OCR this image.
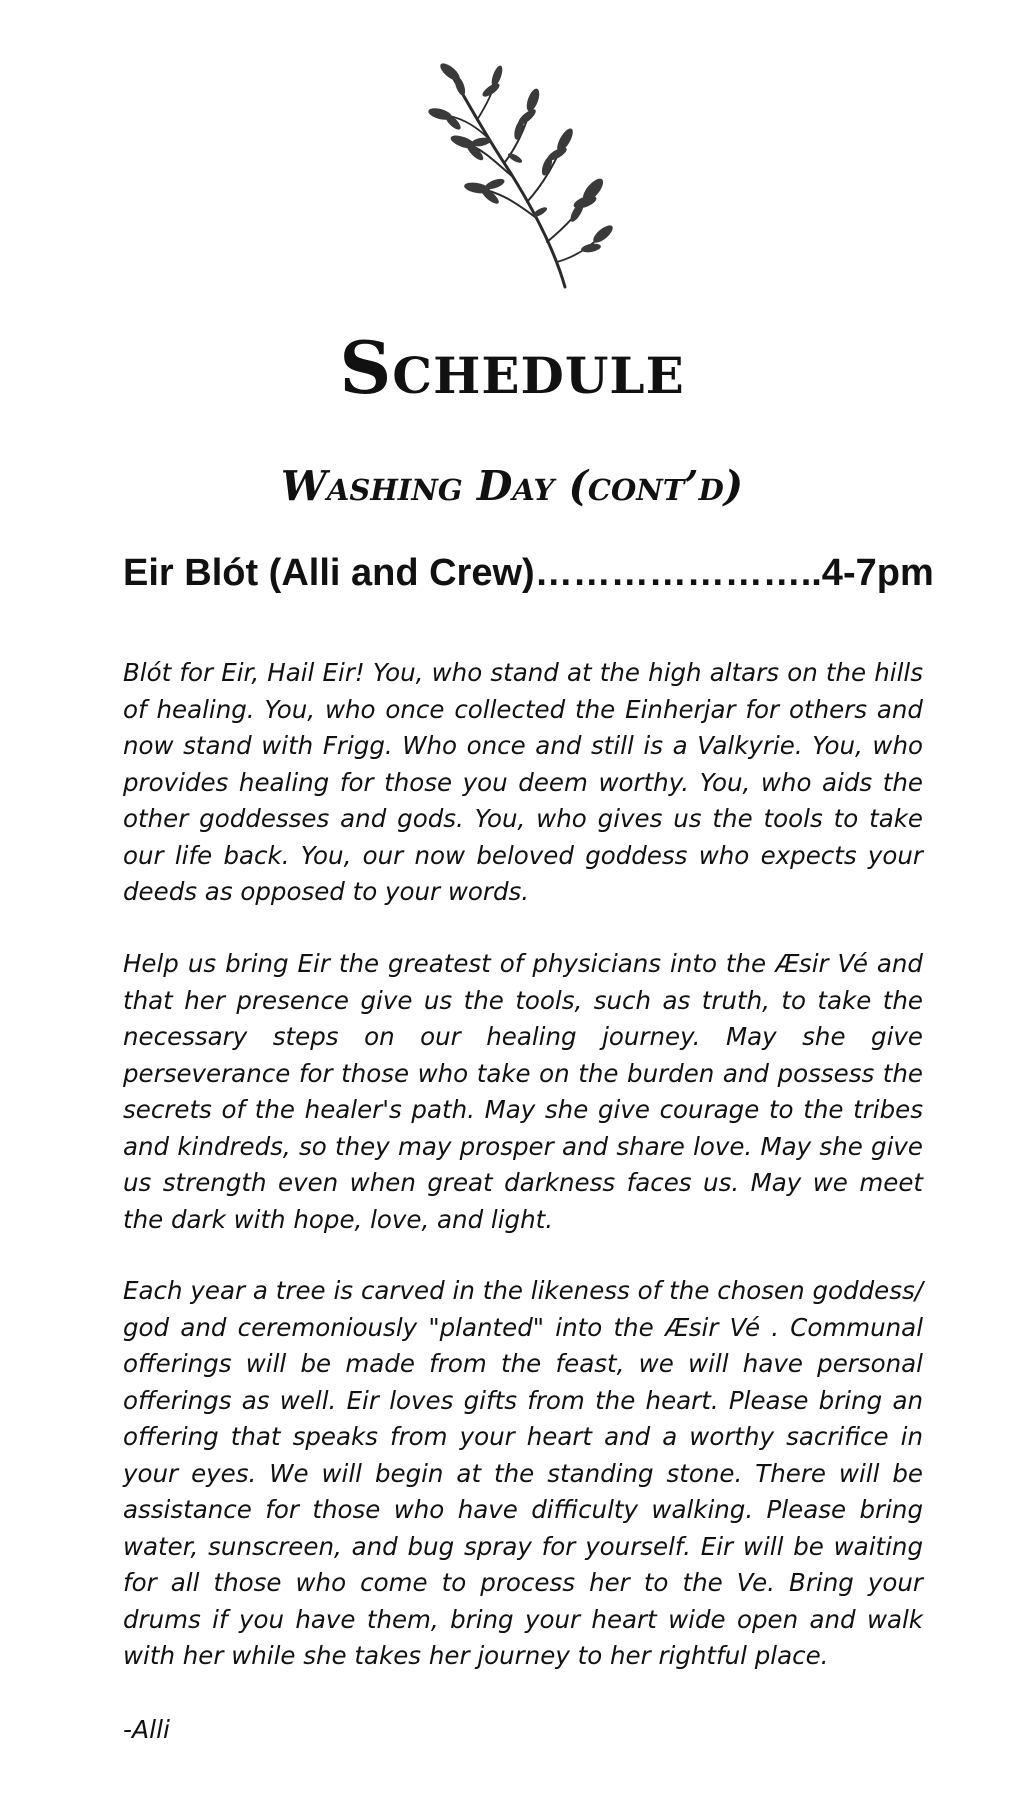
Schedule
Washing Day (cont’d)
Eir Blót (Alli and Crew)…………………..4-7pm

Blót for Eir, Hail Eir! You, who stand at the high altars on the hills of healing. You, who once collected the Einherjar for others and now stand with Frigg. Who once and still is a Valkyrie. You, who provides healing for those you deem worthy. You, who aids the other goddesses and gods. You, who gives us the tools to take our life back. You, our now beloved goddess who expects your deeds as opposed to your words.

Help us bring Eir the greatest of physicians into the Æsir Vé and that her presence give us the tools, such as truth, to take the necessary steps on our healing journey. May she give perseverance for those who take on the burden and possess the secrets of the healer's path. May she give courage to the tribes and kindreds, so they may prosper and share love. May she give us strength even when great darkness faces us. May we meet the dark with hope, love, and light.

Each year a tree is carved in the likeness of the chosen goddess/ god and ceremoniously "planted" into the Æsir Vé . Communal offerings will be made from the feast, we will have personal offerings as well. Eir loves gifts from the heart. Please bring an offering that speaks from your heart and a worthy sacrifice in your eyes. We will begin at the standing stone. There will be assistance for those who have difficulty walking. Please bring water, sunscreen, and bug spray for yourself. Eir will be waiting for all those who come to process her to the Ve. Bring your drums if you have them, bring your heart wide open and walk with her while she takes her journey to her rightful place.

-Alli
